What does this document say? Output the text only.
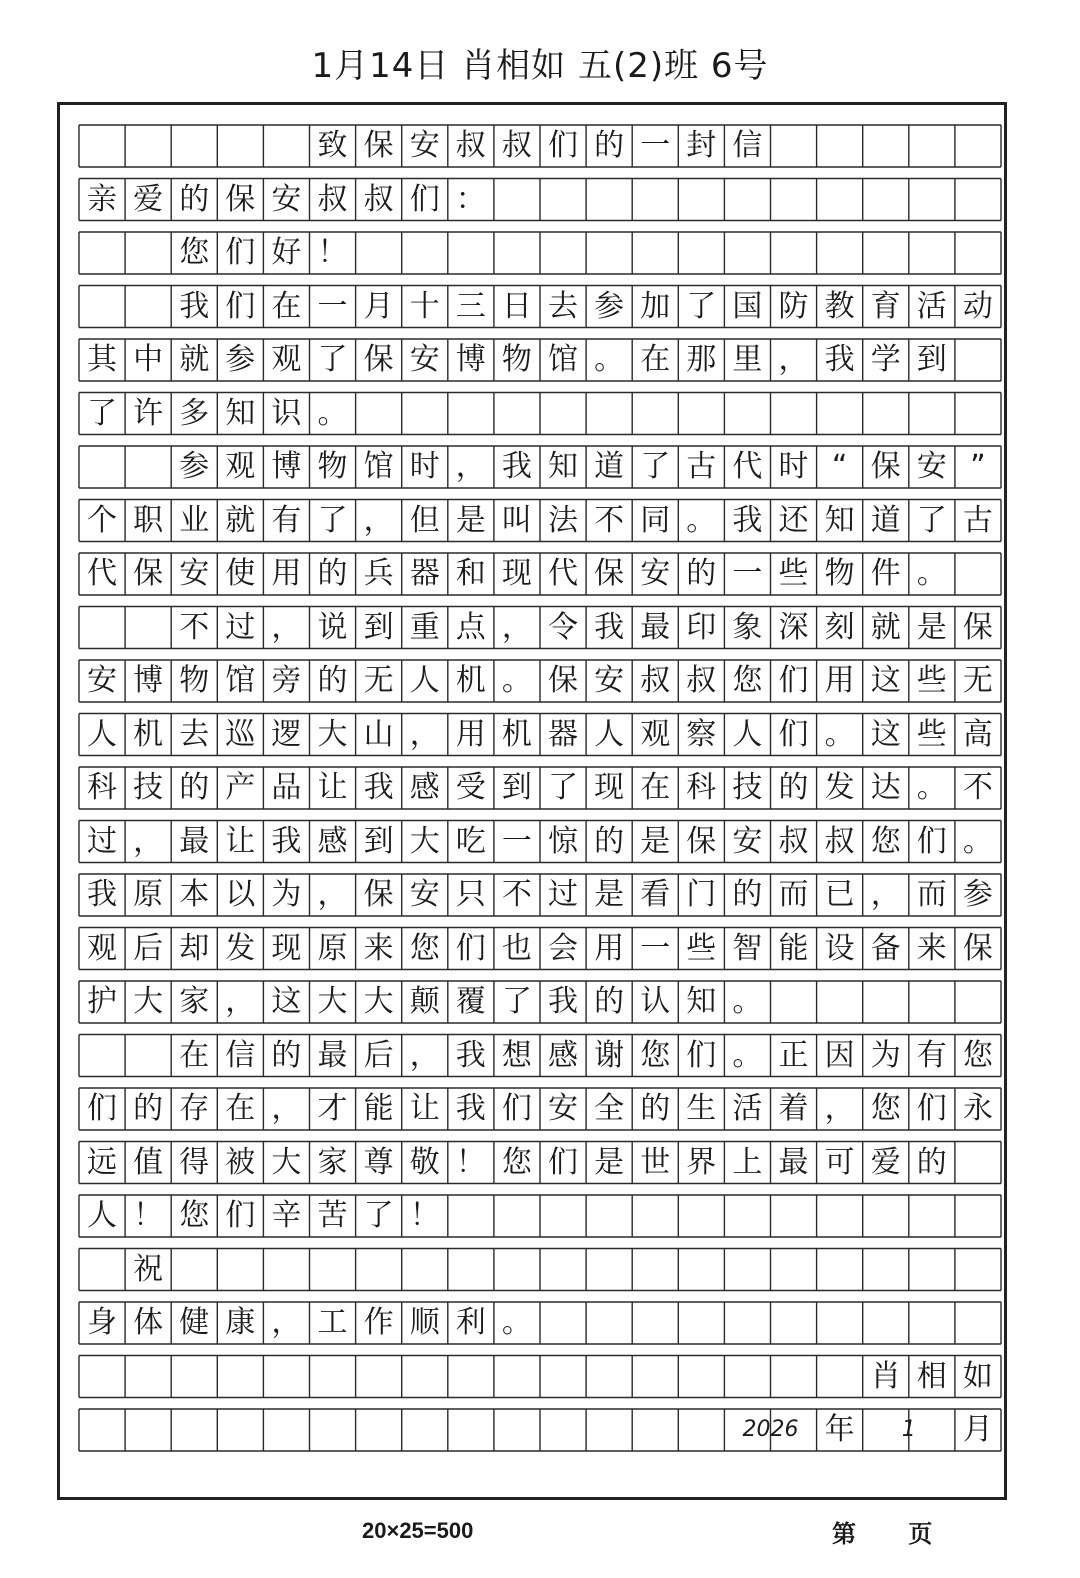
1月14日 肖相如 五(2)班 6号
致 保 安 叔 叔 们 的 一 封 信
亲 爱 的 保 安 叔 叔 们 ：
您 们 好 ！
我 们 在 一 月 十 三 日 去 参 加 了 国 防 教 育 活 动
其 中 就 参 观 了 保 安 博 物 馆 。 在 那 里 ， 我 学 到
了 许 多 知 识 。
参 观 博 物 馆 时 ， 我 知 道 了 古 代 时 “ 保 安 ”
个 职 业 就 有 了 ， 但 是 叫 法 不 同 。 我 还 知 道 了 古
代 保 安 使 用 的 兵 器 和 现 代 保 安 的 一 些 物 件 。
不 过 ， 说 到 重 点 ， 令 我 最 印 象 深 刻 就 是 保
安 博 物 馆 旁 的 无 人 机 。 保 安 叔 叔 您 们 用 这 些 无
人 机 去 巡 逻 大 山 ， 用 机 器 人 观 察 人 们 。 这 些 高
科 技 的 产 品 让 我 感 受 到 了 现 在 科 技 的 发 达 。 不
过 ， 最 让 我 感 到 大 吃 一 惊 的 是 保 安 叔 叔 您 们 。
我 原 本 以 为 ， 保 安 只 不 过 是 看 门 的 而 已 ， 而 参
观 后 却 发 现 原 来 您 们 也 会 用 一 些 智 能 设 备 来 保
护 大 家 ， 这 大 大 颠 覆 了 我 的 认 知 。
在 信 的 最 后 ， 我 想 感 谢 您 们 。 正 因 为 有 您
们 的 存 在 ， 才 能 让 我 们 安 全 的 生 活 着 ， 您 们 永
远 值 得 被 大 家 尊 敬 ！ 您 们 是 世 界 上 最 可 爱 的
人 ！ 您 们 辛 苦 了 ！
祝
身 体 健 康 ， 工 作 顺 利 。
肖 相 如
2026 年	1	月
20×25=500	第 页
